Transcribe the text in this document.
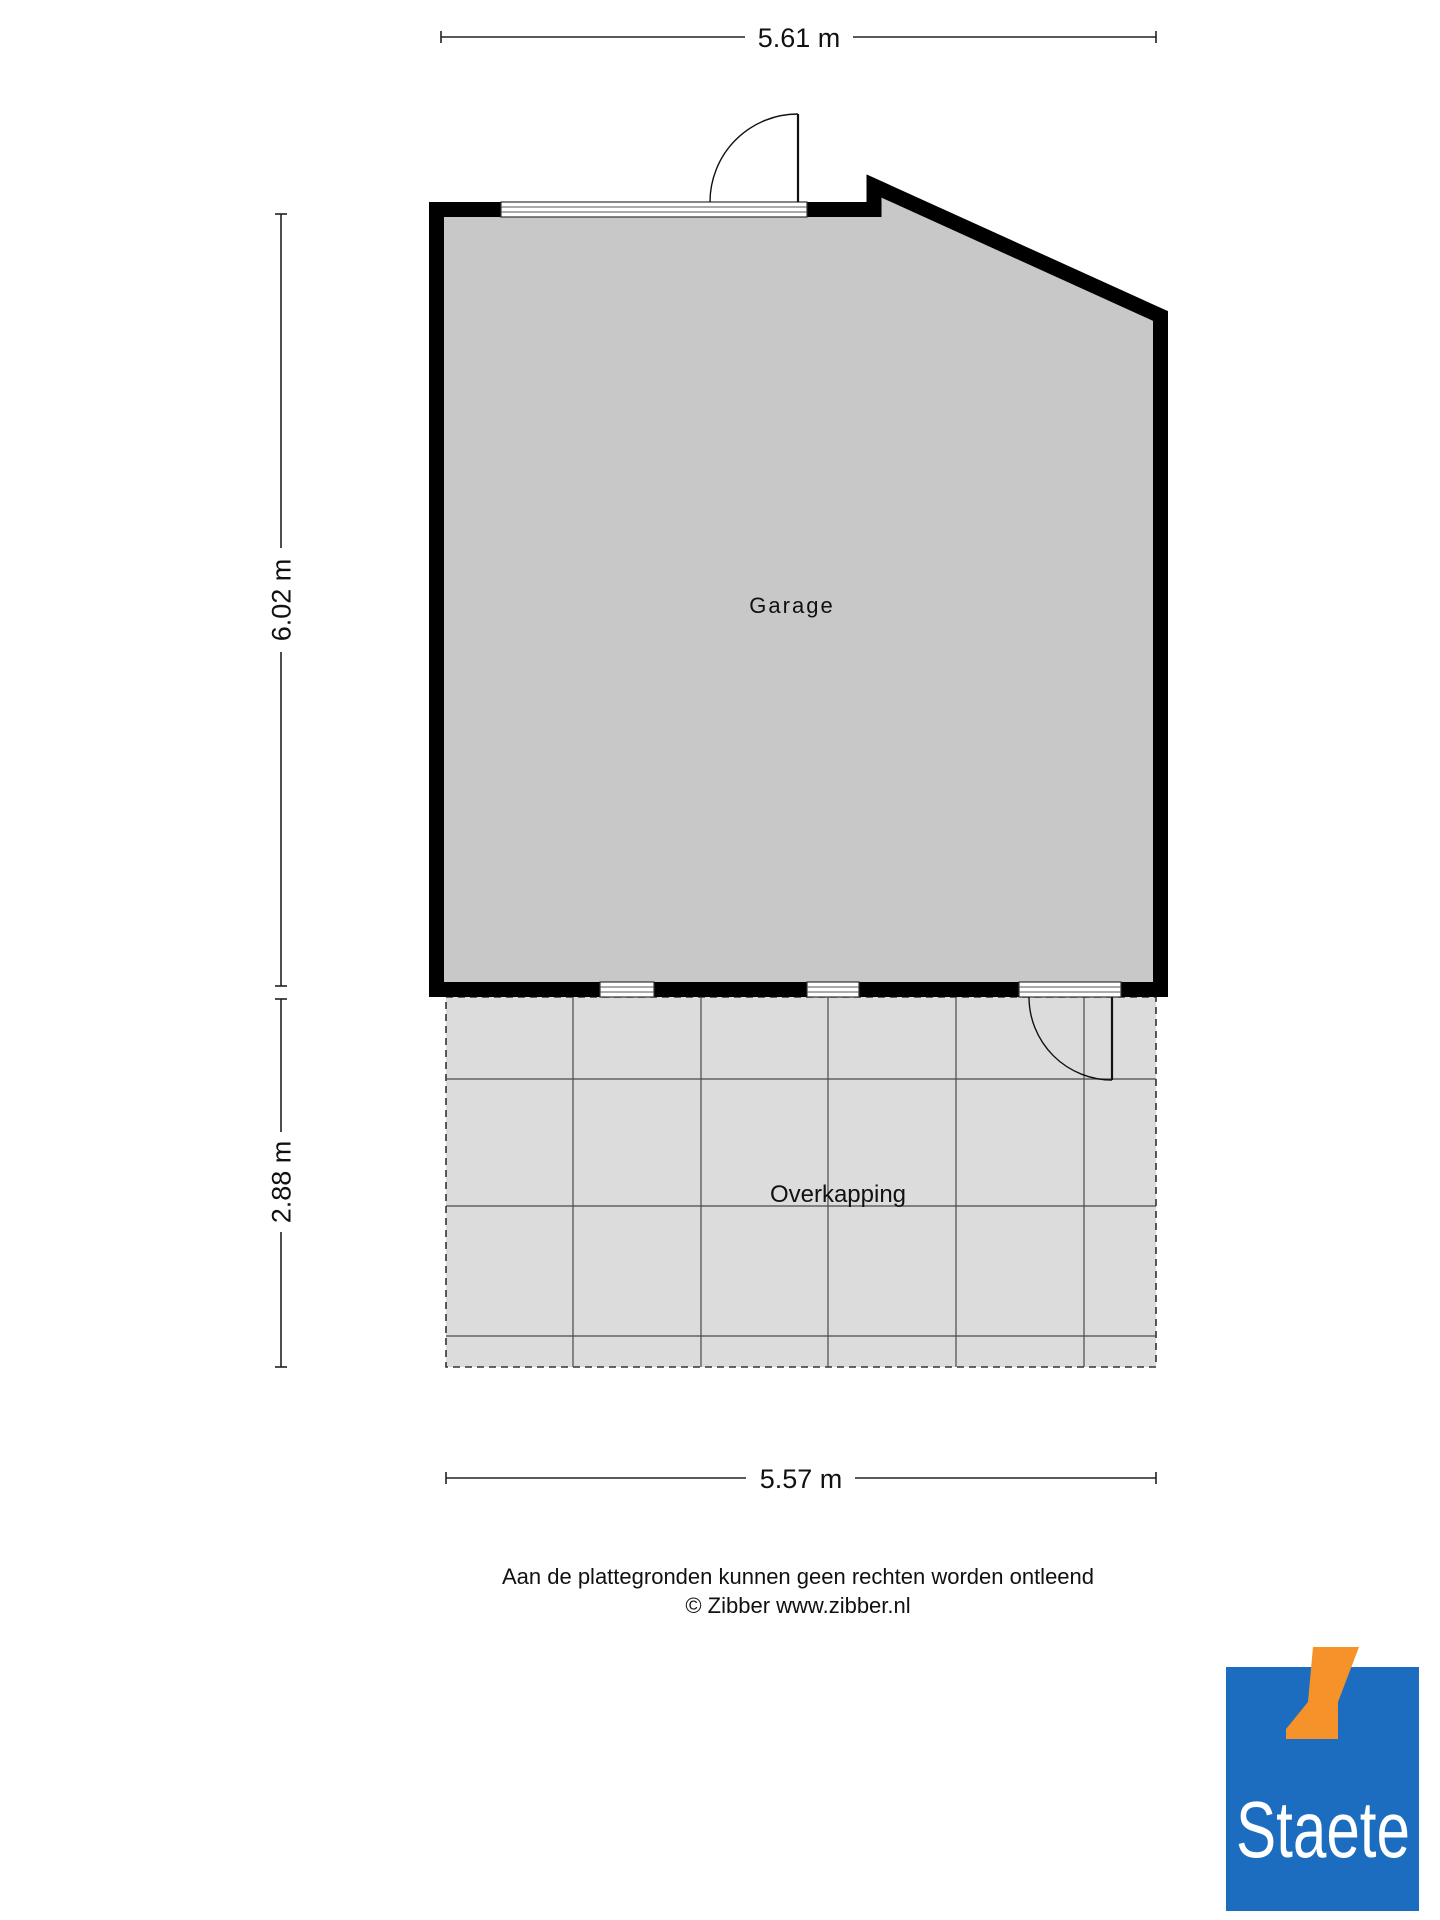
5.61 m
6.02 m
2.88 m	Overkapping
Garage
5.57 m
Aan de plattegronden kunnen geen rechten worden ontleend
© Zibber www.zibber.nl
Staete
